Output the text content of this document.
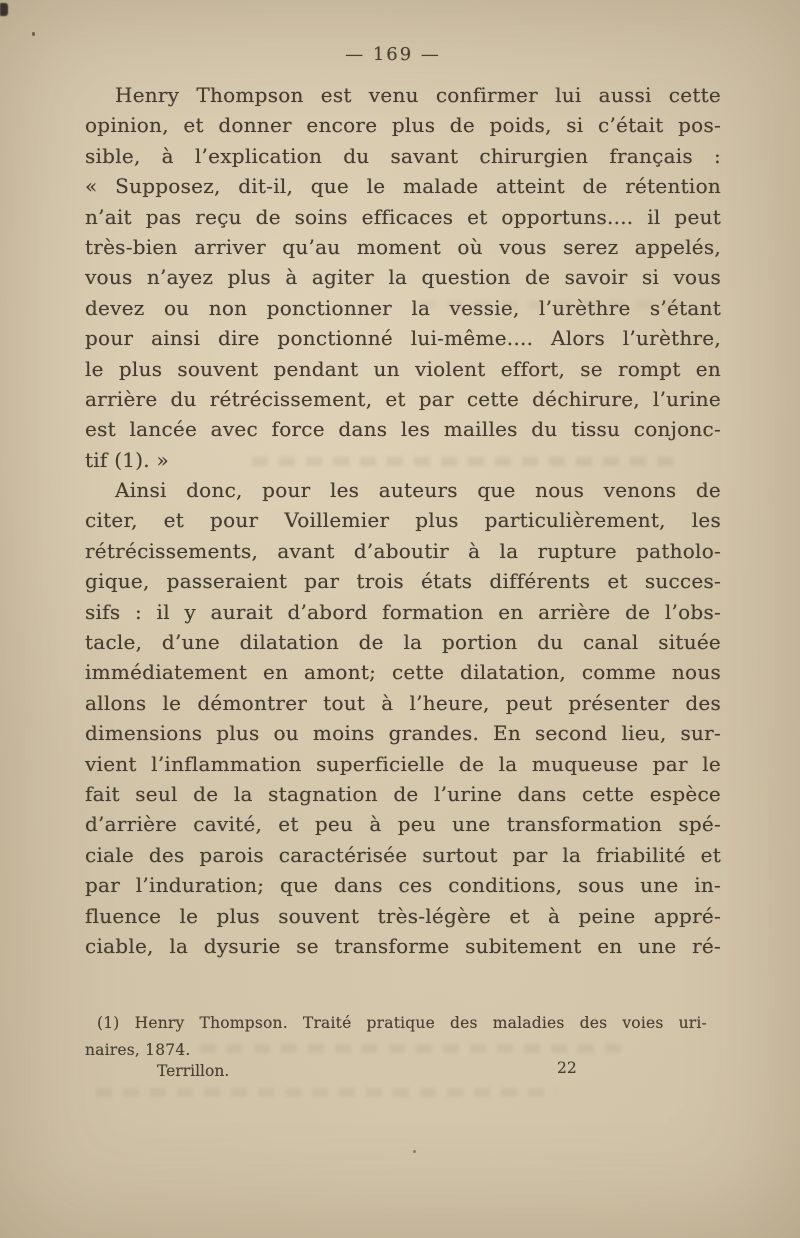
— 169 —
Henry Thompson est venu confirmer lui aussi cette
opinion, et donner encore plus de poids, si c’était pos-
sible, à l’explication du savant chirurgien français :
« Supposez, dit-il, que le malade atteint de rétention
n’ait pas reçu de soins efficaces et opportuns.... il peut
très-bien arriver qu’au moment où vous serez appelés,
vous n’ayez plus à agiter la question de savoir si vous
devez ou non ponctionner la vessie, l’urèthre s’étant
pour ainsi dire ponctionné lui-même.... Alors l’urèthre,
le plus souvent pendant un violent effort, se rompt en
arrière du rétrécissement, et par cette déchirure, l’urine
est lancée avec force dans les mailles du tissu conjonc-
tif (1). »
Ainsi donc, pour les auteurs que nous venons de
citer, et pour Voillemier plus particulièrement, les
rétrécissements, avant d’aboutir à la rupture patholo-
gique, passeraient par trois états différents et succes-
sifs : il y aurait d’abord formation en arrière de l’obs-
tacle, d’une dilatation de la portion du canal située
immédiatement en amont; cette dilatation, comme nous
allons le démontrer tout à l’heure, peut présenter des
dimensions plus ou moins grandes. En second lieu, sur-
vient l’inflammation superficielle de la muqueuse par le
fait seul de la stagnation de l’urine dans cette espèce
d’arrière cavité, et peu à peu une transformation spé-
ciale des parois caractérisée surtout par la friabilité et
par l’induration; que dans ces conditions, sous une in-
fluence le plus souvent très-légère et à peine appré-
ciable, la dysurie se transforme subitement en une ré-
(1) Henry Thompson. Traité pratique des maladies des voies uri-
naires, 1874.
Terrillon.	22
